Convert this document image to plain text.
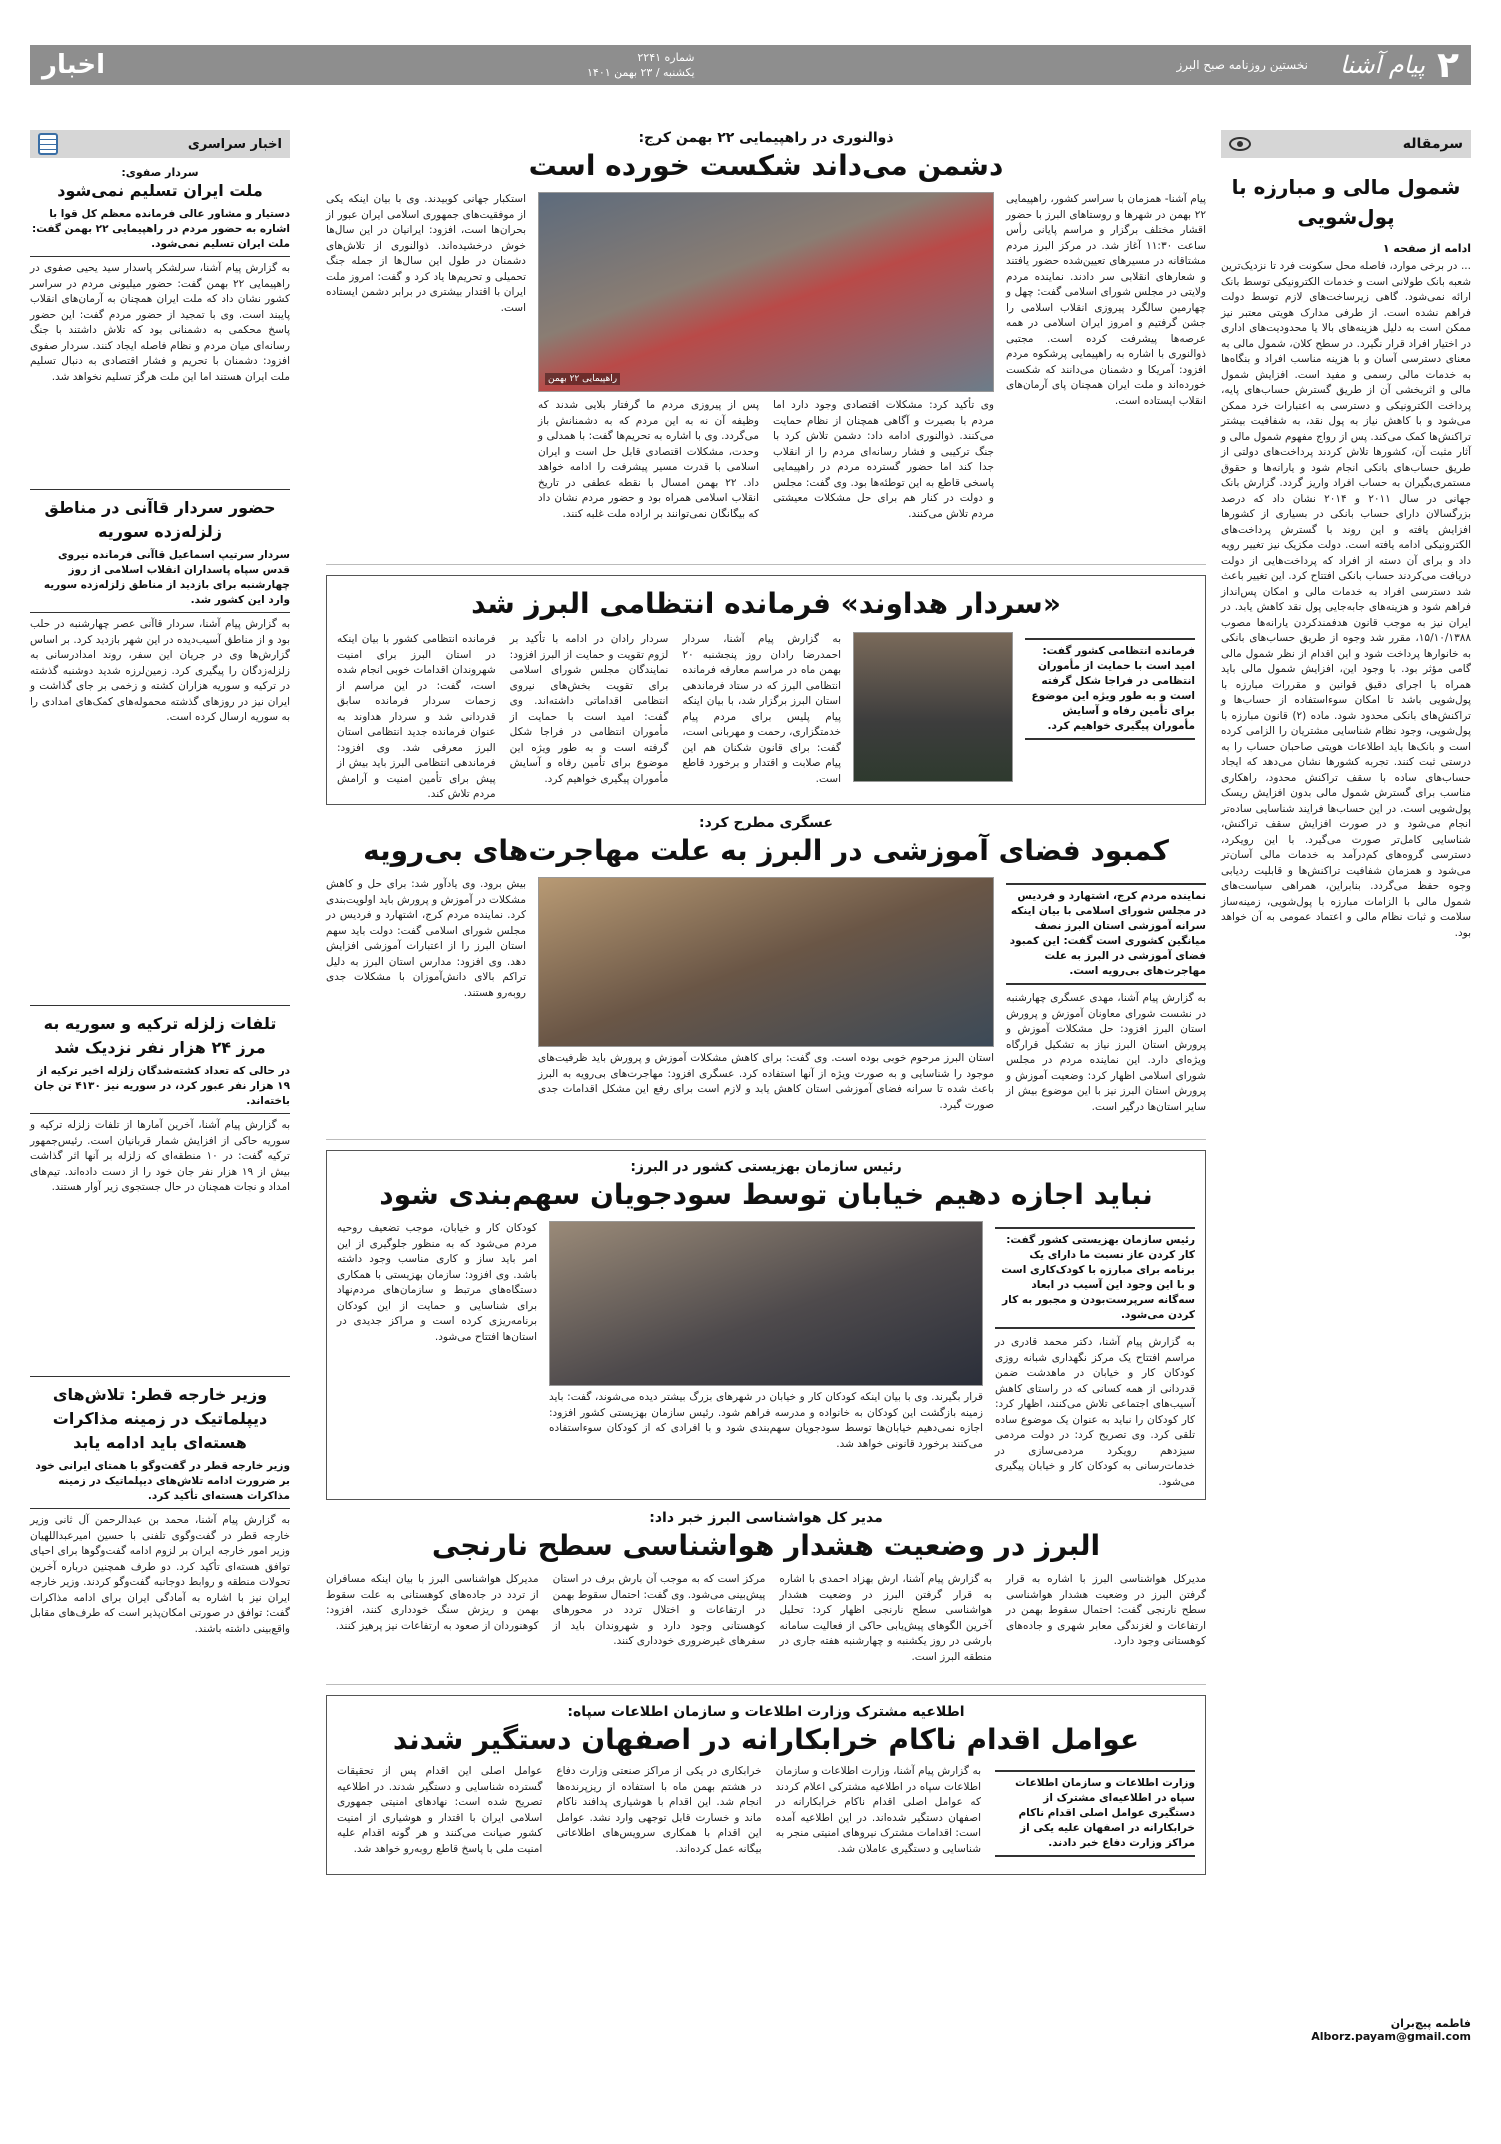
۲
پیام آشنا
نخستین روزنامه صبح البرز
شماره ۲۲۴۱
یکشنبه / ۲۳ بهمن ۱۴۰۱
اخبار
سرمقاله
شمول مالی و مبارزه با پول‌شویی
ادامه از صفحه ۱
... در برخی موارد، فاصله محل سکونت فرد تا نزدیک‌ترین شعبه بانک طولانی است و خدمات الکترونیکی توسط بانک ارائه نمی‌شود. گاهی زیرساخت‌های لازم توسط دولت فراهم نشده است. از طرفی مدارک هویتی معتبر نیز ممکن است به دلیل هزینه‌های بالا یا محدودیت‌های اداری در اختیار افراد قرار نگیرد. در سطح کلان، شمول مالی به معنای دسترسی آسان و با هزینه مناسب افراد و بنگاه‌ها به خدمات مالی رسمی و مفید است. افزایش شمول مالی و اثربخشی آن از طریق گسترش حساب‌های پایه، پرداخت الکترونیکی و دسترسی به اعتبارات خرد ممکن می‌شود و با کاهش نیاز به پول نقد، به شفافیت بیشتر تراکنش‌ها کمک می‌کند. پس از رواج مفهوم شمول مالی و آثار مثبت آن، کشورها تلاش کردند پرداخت‌های دولتی از طریق حساب‌های بانکی انجام شود و یارانه‌ها و حقوق مستمری‌بگیران به حساب افراد واریز گردد. گزارش بانک جهانی در سال ۲۰۱۱ و ۲۰۱۴ نشان داد که درصد بزرگسالان دارای حساب بانکی در بسیاری از کشورها افزایش یافته و این روند با گسترش پرداخت‌های الکترونیکی ادامه یافته است. دولت مکزیک نیز تغییر رویه داد و برای آن دسته از افراد که پرداخت‌هایی از دولت دریافت می‌کردند حساب بانکی افتتاح کرد. این تغییر باعث شد دسترسی افراد به خدمات مالی و امکان پس‌انداز فراهم شود و هزینه‌های جابه‌جایی پول نقد کاهش یابد. در ایران نیز به موجب قانون هدفمندکردن یارانه‌ها مصوب ۱۵/۱۰/۱۳۸۸، مقرر شد وجوه از طریق حساب‌های بانکی به خانوارها پرداخت شود و این اقدام از نظر شمول مالی گامی مؤثر بود. با وجود این، افزایش شمول مالی باید همراه با اجرای دقیق قوانین و مقررات مبارزه با پول‌شویی باشد تا امکان سوءاستفاده از حساب‌ها و تراکنش‌های بانکی محدود شود. ماده (۲) قانون مبارزه با پول‌شویی، وجود نظام شناسایی مشتریان را الزامی کرده است و بانک‌ها باید اطلاعات هویتی صاحبان حساب را به درستی ثبت کنند. تجربه کشورها نشان می‌دهد که ایجاد حساب‌های ساده با سقف تراکنش محدود، راهکاری مناسب برای گسترش شمول مالی بدون افزایش ریسک پول‌شویی است. در این حساب‌ها فرایند شناسایی ساده‌تر انجام می‌شود و در صورت افزایش سقف تراکنش، شناسایی کامل‌تر صورت می‌گیرد. با این رویکرد، دسترسی گروه‌های کم‌درآمد به خدمات مالی آسان‌تر می‌شود و همزمان شفافیت تراکنش‌ها و قابلیت ردیابی وجوه حفظ می‌گردد. بنابراین، همراهی سیاست‌های شمول مالی با الزامات مبارزه با پول‌شویی، زمینه‌ساز سلامت و ثبات نظام مالی و اعتماد عمومی به آن خواهد بود.
فاطمه پیچ‌بران
Alborz.payam@gmail.com
ذوالنوری در راهپیمایی ۲۲ بهمن کرج:
دشمن می‌داند شکست خورده است
پیام آشنا- همزمان با سراسر کشور، راهپیمایی ۲۲ بهمن در شهرها و روستاهای البرز با حضور اقشار مختلف برگزار و مراسم پایانی رأس ساعت ۱۱:۳۰ آغاز شد. در مرکز البرز مردم مشتاقانه در مسیرهای تعیین‌شده حضور یافتند و شعارهای انقلابی سر دادند. نماینده مردم ولایتی در مجلس شورای اسلامی گفت: چهل و چهارمین سالگرد پیروزی انقلاب اسلامی را جشن گرفتیم و امروز ایران اسلامی در همه عرصه‌ها پیشرفت کرده است. مجتبی ذوالنوری با اشاره به راهپیمایی پرشکوه مردم افزود: آمریکا و دشمنان می‌دانند که شکست خورده‌اند و ملت ایران همچنان پای آرمان‌های انقلاب ایستاده است.
راهپیمایی ۲۲ بهمن
وی تأکید کرد: مشکلات اقتصادی وجود دارد اما مردم با بصیرت و آگاهی همچنان از نظام حمایت می‌کنند. ذوالنوری ادامه داد: دشمن تلاش کرد با جنگ ترکیبی و فشار رسانه‌ای مردم را از انقلاب جدا کند اما حضور گسترده مردم در راهپیمایی پاسخی قاطع به این توطئه‌ها بود. وی گفت: مجلس و دولت در کنار هم برای حل مشکلات معیشتی مردم تلاش می‌کنند.
پس از پیروزی مردم ما گرفتار بلایی شدند که وظیفه آن نه به این مردم که به دشمنانش باز می‌گردد. وی با اشاره به تحریم‌ها گفت: با همدلی و وحدت، مشکلات اقتصادی قابل حل است و ایران اسلامی با قدرت مسیر پیشرفت را ادامه خواهد داد. ۲۲ بهمن امسال با نقطه عطفی در تاریخ انقلاب اسلامی همراه بود و حضور مردم نشان داد که بیگانگان نمی‌توانند بر اراده ملت غلبه کنند.
استکبار جهانی کوبیدند. وی با بیان اینکه یکی از موفقیت‌های جمهوری اسلامی ایران عبور از بحران‌ها است، افزود: ایرانیان در این سال‌ها خوش درخشیده‌اند. ذوالنوری از تلاش‌های دشمنان در طول این سال‌ها از جمله جنگ تحمیلی و تحریم‌ها یاد کرد و گفت: امروز ملت ایران با اقتدار بیشتری در برابر دشمن ایستاده است.
«سردار هداوند» فرمانده انتظامی البرز شد
فرمانده انتظامی کشور گفت: امید است با حمایت از مأموران انتظامی در فراجا شکل گرفته است و به طور ویژه این موضوع برای تأمین رفاه و آسایش مأموران پیگیری خواهیم کرد.
به گزارش پیام آشنا، سردار احمدرضا رادان روز پنجشنبه ۲۰ بهمن ماه در مراسم معارفه فرمانده انتظامی البرز که در ستاد فرماندهی استان البرز برگزار شد، با بیان اینکه پیام پلیس برای مردم پیام خدمتگزاری، رحمت و مهربانی است، گفت: برای قانون شکنان هم این پیام صلابت و اقتدار و برخورد قاطع است.
سردار رادان در ادامه با تأکید بر لزوم تقویت و حمایت از البرز افزود: نمایندگان مجلس شورای اسلامی برای تقویت بخش‌های نیروی انتظامی اقداماتی داشته‌اند. وی گفت: امید است با حمایت از مأموران انتظامی در فراجا شکل گرفته است و به طور ویژه این موضوع برای تأمین رفاه و آسایش مأموران پیگیری خواهیم کرد.
فرمانده انتظامی کشور با بیان اینکه در استان البرز برای امنیت شهروندان اقدامات خوبی انجام شده است، گفت: در این مراسم از زحمات سردار فرمانده سابق قدردانی شد و سردار هداوند به عنوان فرمانده جدید انتظامی استان البرز معرفی شد. وی افزود: فرماندهی انتظامی البرز باید بیش از پیش برای تأمین امنیت و آرامش مردم تلاش کند.
عسگری مطرح کرد:
کمبود فضای آموزشی در البرز به علت مهاجرت‌های بی‌رویه
نماینده مردم کرج، اشتهارد و فردیس در مجلس شورای اسلامی با بیان اینکه سرانه آموزشی استان البرز نصف میانگین کشوری است گفت: این کمبود فضای آموزشی در البرز به علت مهاجرت‌های بی‌رویه است.
به گزارش پیام آشنا، مهدی عسگری چهارشنبه در نشست شورای معاونان آموزش و پرورش استان البرز افزود: حل مشکلات آموزش و پرورش استان البرز نیاز به تشکیل قرارگاه ویژه‌ای دارد. این نماینده مردم در مجلس شورای اسلامی اظهار کرد: وضعیت آموزش و پرورش استان البرز نیز با این موضوع بیش از سایر استان‌ها درگیر است.
استان البرز مرحوم خوبی بوده است. وی گفت: برای کاهش مشکلات آموزش و پرورش باید ظرفیت‌های موجود را شناسایی و به صورت ویژه از آنها استفاده کرد. عسگری افزود: مهاجرت‌های بی‌رویه به البرز باعث شده تا سرانه فضای آموزشی استان کاهش یابد و لازم است برای رفع این مشکل اقدامات جدی صورت گیرد.
بیش برود. وی یادآور شد: برای حل و کاهش مشکلات در آموزش و پرورش باید اولویت‌بندی کرد. نماینده مردم کرج، اشتهارد و فردیس در مجلس شورای اسلامی گفت: دولت باید سهم استان البرز را از اعتبارات آموزشی افزایش دهد. وی افزود: مدارس استان البرز به دلیل تراکم بالای دانش‌آموزان با مشکلات جدی روبه‌رو هستند.
رئیس سازمان بهزیستی کشور در البرز:
نباید اجازه دهیم خیابان توسط سودجویان سهم‌بندی شود
رئیس سازمان بهزیستی کشور گفت: کار کردن عاز نسبت ما دارای یک برنامه برای مبارزه با کودک‌کاری است و با این وجود این آسیب در ابعاد سه‌گانه سرپرست‌بودن و مجبور به کار کردن می‌شود.
به گزارش پیام آشنا، دکتر محمد قادری در مراسم افتتاح یک مرکز نگهداری شبانه روزی کودکان کار و خیابان در ماهدشت ضمن قدردانی از همه کسانی که در راستای کاهش آسیب‌های اجتماعی تلاش می‌کنند، اظهار کرد: کار کودکان را نباید به عنوان یک موضوع ساده تلقی کرد. وی تصریح کرد: در دولت مردمی سیزدهم رویکرد مردمی‌سازی در خدمات‌رسانی به کودکان کار و خیابان پیگیری می‌شود.
قرار بگیرند. وی با بیان اینکه کودکان کار و خیابان در شهرهای بزرگ بیشتر دیده می‌شوند، گفت: باید زمینه بازگشت این کودکان به خانواده و مدرسه فراهم شود. رئیس سازمان بهزیستی کشور افزود: اجازه نمی‌دهیم خیابان‌ها توسط سودجویان سهم‌بندی شود و با افرادی که از کودکان سوءاستفاده می‌کنند برخورد قانونی خواهد شد.
کودکان کار و خیابان، موجب تضعیف روحیه مردم می‌شود که به منظور جلوگیری از این امر باید ساز و کاری مناسب وجود داشته باشد. وی افزود: سازمان بهزیستی با همکاری دستگاه‌های مرتبط و سازمان‌های مردم‌نهاد برای شناسایی و حمایت از این کودکان برنامه‌ریزی کرده است و مراکز جدیدی در استان‌ها افتتاح می‌شود.
مدیر کل هواشناسی البرز خبر داد:
البرز در وضعیت هشدار هواشناسی سطح نارنجی
مدیرکل هواشناسی البرز با اشاره به قرار گرفتن البرز در وضعیت هشدار هواشناسی سطح نارنجی گفت: احتمال سقوط بهمن در ارتفاعات و لغزندگی معابر شهری و جاده‌های کوهستانی وجود دارد.
به گزارش پیام آشنا، ارش بهزاد احمدی با اشاره به قرار گرفتن البرز در وضعیت هشدار هواشناسی سطح نارنجی اظهار کرد: تحلیل آخرین الگوهای پیش‌یابی حاکی از فعالیت سامانه بارشی در روز یکشنبه و چهارشنبه هفته جاری در منطقه البرز است.
مرکز است که به موجب آن بارش برف در استان پیش‌بینی می‌شود. وی گفت: احتمال سقوط بهمن در ارتفاعات و اختلال تردد در محورهای کوهستانی وجود دارد و شهروندان باید از سفرهای غیرضروری خودداری کنند.
مدیرکل هواشناسی البرز با بیان اینکه مسافران از تردد در جاده‌های کوهستانی به علت سقوط بهمن و ریزش سنگ خودداری کنند، افزود: کوهنوردان از صعود به ارتفاعات نیز پرهیز کنند.
اطلاعیه مشترک وزارت اطلاعات و سازمان اطلاعات سپاه:
عوامل اقدام ناکام خرابکارانه در اصفهان دستگیر شدند
وزارت اطلاعات و سازمان اطلاعات سپاه در اطلاعیه‌ای مشترک از دستگیری عوامل اصلی اقدام ناکام خرابکارانه در اصفهان علیه یکی از مراکز وزارت دفاع خبر دادند.
به گزارش پیام آشنا، وزارت اطلاعات و سازمان اطلاعات سپاه در اطلاعیه مشترکی اعلام کردند که عوامل اصلی اقدام ناکام خرابکارانه در اصفهان دستگیر شده‌اند. در این اطلاعیه آمده است: اقدامات مشترک نیروهای امنیتی منجر به شناسایی و دستگیری عاملان شد.
خرابکاری در یکی از مراکز صنعتی وزارت دفاع در هشتم بهمن ماه با استفاده از ریزپرنده‌ها انجام شد. این اقدام با هوشیاری پدافند ناکام ماند و خسارت قابل توجهی وارد نشد. عوامل این اقدام با همکاری سرویس‌های اطلاعاتی بیگانه عمل کرده‌اند.
عوامل اصلی این اقدام پس از تحقیقات گسترده شناسایی و دستگیر شدند. در اطلاعیه تصریح شده است: نهادهای امنیتی جمهوری اسلامی ایران با اقتدار و هوشیاری از امنیت کشور صیانت می‌کنند و هر گونه اقدام علیه امنیت ملی با پاسخ قاطع روبه‌رو خواهد شد.
اخبار سراسری
سردار صفوی:
ملت ایران تسلیم نمی‌شود
دستیار و مشاور عالی فرمانده معظم کل قوا با اشاره به حضور مردم در راهپیمایی ۲۲ بهمن گفت: ملت ایران تسلیم نمی‌شود.
به گزارش پیام آشنا، سرلشکر پاسدار سید یحیی صفوی در راهپیمایی ۲۲ بهمن گفت: حضور میلیونی مردم در سراسر کشور نشان داد که ملت ایران همچنان به آرمان‌های انقلاب پایبند است. وی با تمجید از حضور مردم گفت: این حضور پاسخ محکمی به دشمنانی بود که تلاش داشتند با جنگ رسانه‌ای میان مردم و نظام فاصله ایجاد کنند. سردار صفوی افزود: دشمنان با تحریم و فشار اقتصادی به دنبال تسلیم ملت ایران هستند اما این ملت هرگز تسلیم نخواهد شد.
حضور سردار قاآنی در مناطق زلزله‌زده سوریه
سردار سرتیپ اسماعیل قاآنی فرمانده نیروی قدس سپاه پاسداران انقلاب اسلامی از روز چهارشنبه برای بازدید از مناطق زلزله‌زده سوریه وارد این کشور شد.
به گزارش پیام آشنا، سردار قاآنی عصر چهارشنبه در حلب بود و از مناطق آسیب‌دیده در این شهر بازدید کرد. بر اساس گزارش‌ها وی در جریان این سفر، روند امدادرسانی به زلزله‌زدگان را پیگیری کرد. زمین‌لرزه شدید دوشنبه گذشته در ترکیه و سوریه هزاران کشته و زخمی بر جای گذاشت و ایران نیز در روزهای گذشته محموله‌های کمک‌های امدادی را به سوریه ارسال کرده است.
تلفات زلزله ترکیه و سوریه به مرز ۲۴ هزار نفر نزدیک شد
در حالی که تعداد کشته‌شدگان زلزله اخیر ترکیه از ۱۹ هزار نفر عبور کرد، در سوریه نیز ۴۱۳۰ تن جان باخته‌اند.
به گزارش پیام آشنا، آخرین آمارها از تلفات زلزله ترکیه و سوریه حاکی از افزایش شمار قربانیان است. رئیس‌جمهور ترکیه گفت: در ۱۰ منطقه‌ای که زلزله بر آنها اثر گذاشت بیش از ۱۹ هزار نفر جان خود را از دست داده‌اند. تیم‌های امداد و نجات همچنان در حال جستجوی زیر آوار هستند.
وزیر خارجه قطر: تلاش‌های دیپلماتیک در زمینه مذاکرات هسته‌ای باید ادامه یابد
وزیر خارجه قطر در گفت‌وگو با همتای ایرانی خود بر ضرورت ادامه تلاش‌های دیپلماتیک در زمینه مذاکرات هسته‌ای تأکید کرد.
به گزارش پیام آشنا، محمد بن عبدالرحمن آل ثانی وزیر خارجه قطر در گفت‌وگوی تلفنی با حسین امیرعبداللهیان وزیر امور خارجه ایران بر لزوم ادامه گفت‌وگوها برای احیای توافق هسته‌ای تأکید کرد. دو طرف همچنین درباره آخرین تحولات منطقه و روابط دوجانبه گفت‌وگو کردند. وزیر خارجه ایران نیز با اشاره به آمادگی ایران برای ادامه مذاکرات گفت: توافق در صورتی امکان‌پذیر است که طرف‌های مقابل واقع‌بینی داشته باشند.
